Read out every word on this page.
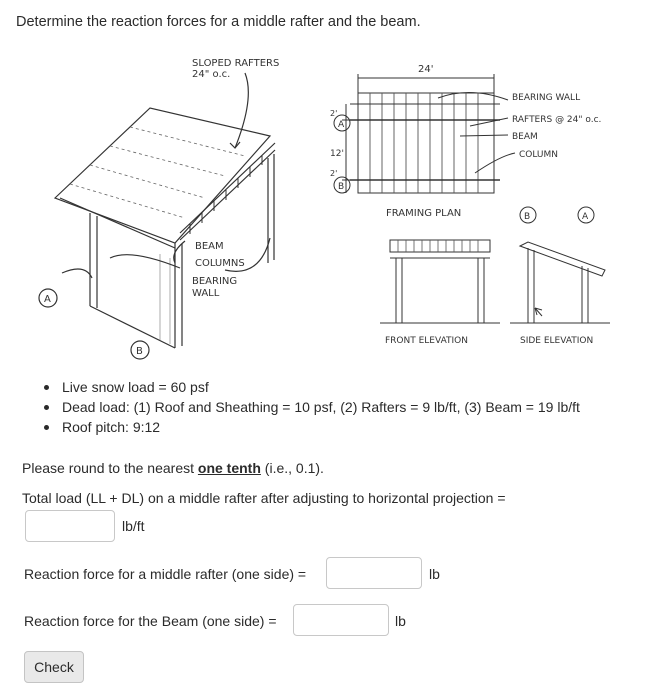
Determine the reaction forces for a middle rafter and the beam.
SLOPED RAFTERS
24" o.c.
BEAM
COLUMNS
BEARING
WALL
A
B
24'
2'
12'
2'
A
B
BEARING WALL
RAFTERS @ 24" o.c.
BEAM
COLUMN
FRAMING PLAN	B	A
FRONT ELEVATION	SIDE ELEVATION
Live snow load = 60 psf
Dead load: (1) Roof and Sheathing = 10 psf, (2) Rafters = 9 lb/ft, (3) Beam = 19 lb/ft
Roof pitch: 9:12
Please round to the nearest one tenth (i.e., 0.1).
Total load (LL + DL) on a middle rafter after adjusting to horizontal projection =
lb/ft
Reaction force for a middle rafter (one side) =	lb
Reaction force for the Beam (one side) =	lb
Check
